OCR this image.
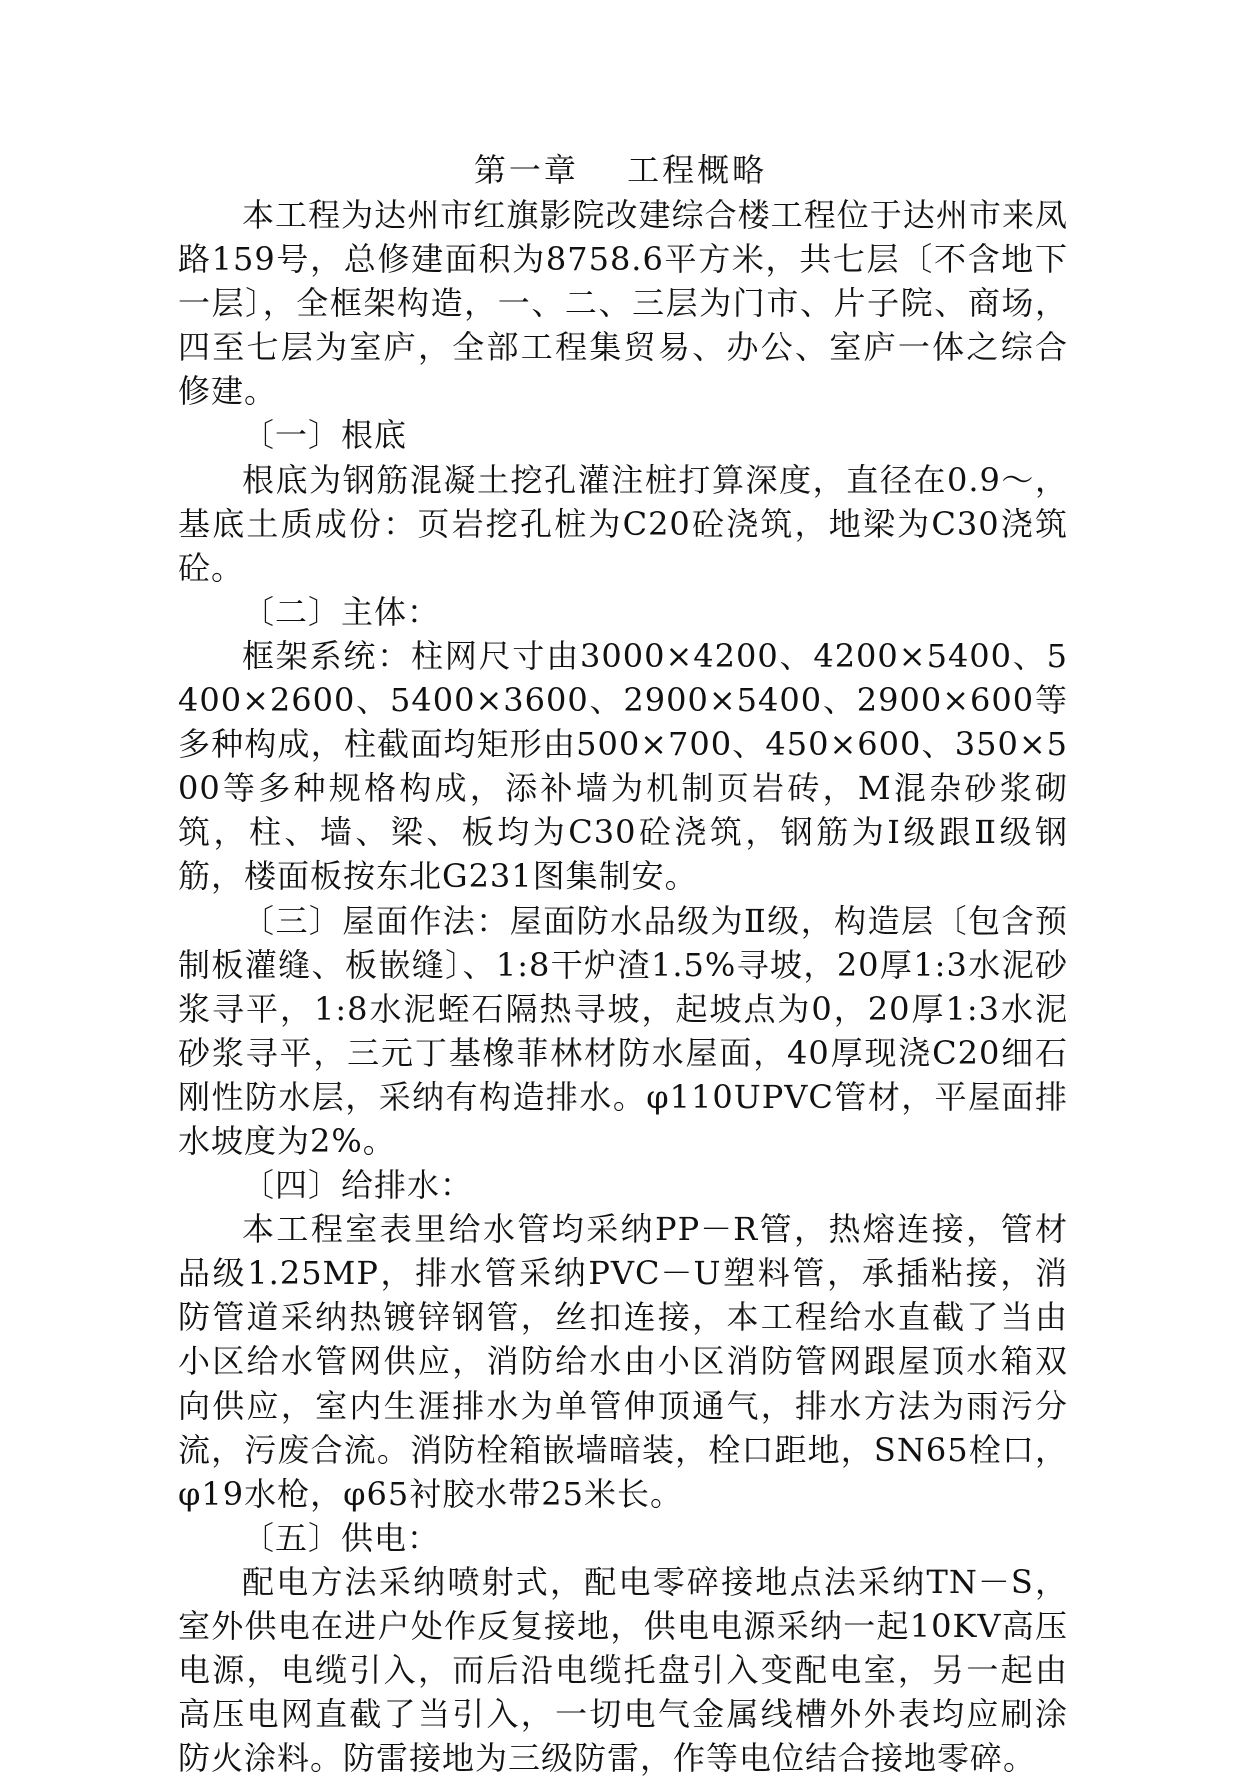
第一章　 工程概略

本工程为达州市红旗影院改建综合楼工程位于达州市来凤路159号，总修建面积为8758.6平方米，共七层〔不含地下一层〕，全框架构造，一、二、三层为门市、片子院、商场，四至七层为室庐，全部工程集贸易、办公、室庐一体之综合修建。

〔一〕根底

根底为钢筋混凝土挖孔灌注桩打算深度，直径在0.9～，基底土质成份：页岩挖孔桩为C20砼浇筑，地梁为C30浇筑砼。

〔二〕主体：

框架系统：柱网尺寸由3000×4200、4200×5400、5400×2600、5400×3600、2900×5400、2900×600等多种构成，柱截面均矩形由500×700、450×600、350×500等多种规格构成，添补墙为机制页岩砖，M混杂砂浆砌筑，柱、墙、梁、板均为C30砼浇筑，钢筋为Ⅰ级跟Ⅱ级钢筋，楼面板按东北G231图集制安。

〔三〕屋面作法：屋面防水品级为Ⅱ级，构造层〔包含预制板灌缝、板嵌缝〕、1:8干炉渣1.5%寻坡，20厚1:3水泥砂浆寻平，1:8水泥蛭石隔热寻坡，起坡点为0，20厚1:3水泥砂浆寻平，三元丁基橡菲林材防水屋面，40厚现浇C20细石刚性防水层，采纳有构造排水。φ110UPVC管材，平屋面排水坡度为2%。

〔四〕给排水：

本工程室表里给水管均采纳PP－R管，热熔连接，管材品级1.25MP，排水管采纳PVC－U塑料管，承插粘接，消防管道采纳热镀锌钢管，丝扣连接，本工程给水直截了当由小区给水管网供应，消防给水由小区消防管网跟屋顶水箱双向供应，室内生涯排水为单管伸顶通气，排水方法为雨污分流，污废合流。消防栓箱嵌墙暗装，栓口距地，SN65栓口，φ19水枪，φ65衬胶水带25米长。

〔五〕供电：

配电方法采纳喷射式，配电零碎接地点法采纳TN－S，室外供电在进户处作反复接地，供电电源采纳一起10KV高压电源，电缆引入，而后沿电缆托盘引入变配电室，另一起由高压电网直截了当引入，一切电气金属线槽外外表均应刷涂防火涂料。防雷接地为三级防雷，作等电位结合接地零碎。
